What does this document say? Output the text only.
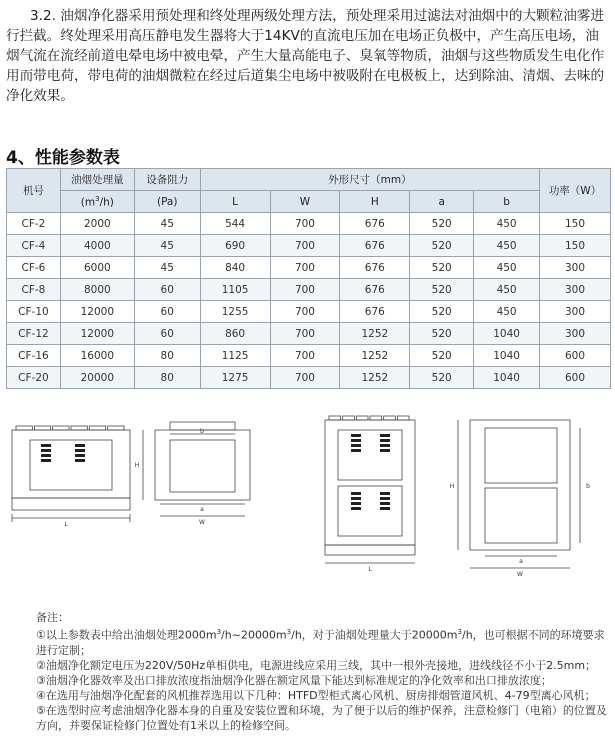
3.2. 油烟净化器采用预处理和终处理两级处理方法，预处理采用过滤法对油烟中的大颗粒油雾进行拦截。终处理采用高压静电发生器将大于14KV的直流电压加在电场正负极中，产生高压电场，油烟气流在流经前道电晕电场中被电晕，产生大量高能电子、臭氧等物质，油烟与这些物质发生电化作用而带电荷，带电荷的油烟微粒在经过后道集尘电场中被吸附在电极板上，达到除油、清烟、去味的净化效果。

4、性能参数表
机号	油烟处理量	设备阻力	外形尺寸（mm）					功率（W）
	$(m^3/h)$	(Pa)	L	W	H	a	b	
CF-2	2000	45	544	700	676	520	450	150
CF-4	4000	45	690	700	676	520	450	150
CF-6	6000	45	840	700	676	520	450	300
CF-8	8000	60	1105	700	676	520	450	300
CF-10	12000	60	1255	700	676	520	450	300
CF-12	12000	60	860	700	1252	520	1040	300
CF-16	16000	80	1125	700	1252	520	1040	600
CF-20	20000	80	1275	700	1252	520	1040	600
L
H
a
W
b
L
H
a
W
b
备注：

①以上参数表中给出油烟处理$2000m^3/h\sim 20000m^3/h$，对于油烟处理量大于$20000m^3/h$，也可根据不同的环境要求进行定制；

②油烟净化额定电压为220V/50Hz单相供电，电源进线应采用三线，其中一根外壳接地，进线线径不小于2.5mm；

③油烟净化器效率及出口排放浓度指油烟净化器在额定风量下能达到标准规定的净化效率和出口排放浓度；

④在选用与油烟净化配套的风机推荐选用以下几种：HTFD型柜式离心风机、厨房排烟管道风机、4-79型离心风机；

⑤在选型时应考虑油烟净化器本身的自重及安装位置和环境，为了便于以后的维护保养，注意检修门（电箱）的位置及方向，并要保证检修门位置处有1米以上的检修空间。
